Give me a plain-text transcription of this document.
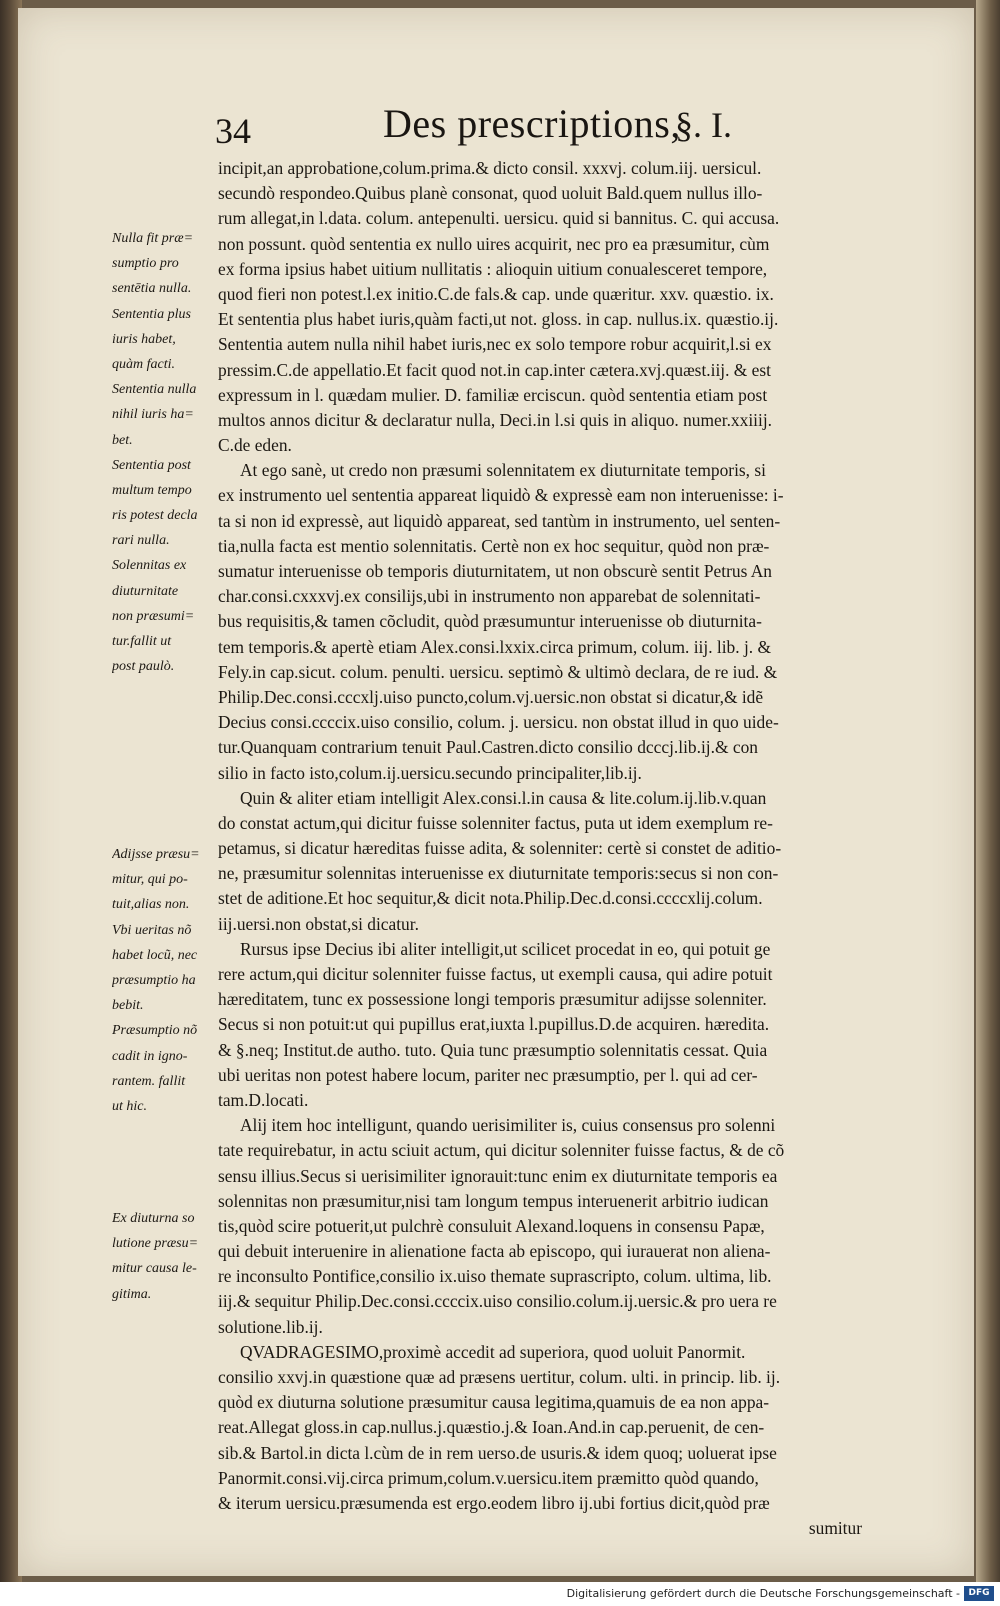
34	Des prescriptions,
§. I.
Nulla fit præ=
sumptio pro
sentētia nulla.
Sententia plus
iuris habet,
quàm facti.
Sententia nulla
nihil iuris ha=
bet.
Sententia post
multum tempo
ris potest decla
rari nulla.
Solennitas ex
diuturnitate
non præsumi=
tur.fallit ut
post paulò.
Adijsse præsu=
mitur, qui po-
tuit,alias non.
Vbi ueritas nõ
habet locũ, nec
præsumptio ha
bebit.
Præsumptio nõ
cadit in igno-
rantem. fallit
ut hic.
Ex diuturna so
lutione præsu=
mitur causa le-
gitima.
incipit,an approbatione,colum.prima.& dicto consil. xxxvj. colum.iij. uersicul.
secundò respondeo.Quibus planè consonat, quod uoluit Bald.quem nullus illo-
rum allegat,in l.data. colum. antepenulti. uersicu. quid si bannitus. C. qui accusa.
non possunt. quòd sententia ex nullo uires acquirit, nec pro ea præsumitur, cùm
ex forma ipsius habet uitium nullitatis : alioquin uitium conualesceret tempore,
quod fieri non potest.l.ex initio.C.de fals.& cap. unde quæritur. xxv. quæstio. ix.
Et sententia plus habet iuris,quàm facti,ut not. gloss. in cap. nullus.ix. quæstio.ij.
Sententia autem nulla nihil habet iuris,nec ex solo tempore robur acquirit,l.si ex
pressim.C.de appellatio.Et facit quod not.in cap.inter cætera.xvj.quæst.iij. & est
expressum in l. quædam mulier. D. familiæ erciscun. quòd sententia etiam post
multos annos dicitur & declaratur nulla, Deci.in l.si quis in aliquo. numer.xxiiij.
C.de eden.
At ego sanè, ut credo non præsumi solennitatem ex diuturnitate temporis, si
ex instrumento uel sententia appareat liquidò & expressè eam non interuenisse: i-
ta si non id expressè, aut liquidò appareat, sed tantùm in instrumento, uel senten-
tia,nulla facta est mentio solennitatis. Certè non ex hoc sequitur, quòd non præ-
sumatur interuenisse ob temporis diuturnitatem, ut non obscurè sentit Petrus An
char.consi.cxxxvj.ex consilijs,ubi in instrumento non apparebat de solennitati-
bus requisitis,& tamen cõcludit, quòd præsumuntur interuenisse ob diuturnita-
tem temporis.& apertè etiam Alex.consi.lxxix.circa primum, colum. iij. lib. j. &
Fely.in cap.sicut. colum. penulti. uersicu. septimò & ultimò declara, de re iud. &
Philip.Dec.consi.cccxlj.uiso puncto,colum.vj.uersic.non obstat si dicatur,& idẽ
Decius consi.ccccix.uiso consilio, colum. j. uersicu. non obstat illud in quo uide-
tur.Quanquam contrarium tenuit Paul.Castren.dicto consilio dcccj.lib.ij.& con
silio in facto isto,colum.ij.uersicu.secundo principaliter,lib.ij.
Quin & aliter etiam intelligit Alex.consi.l.in causa & lite.colum.ij.lib.v.quan
do constat actum,qui dicitur fuisse solenniter factus, puta ut idem exemplum re-
petamus, si dicatur hæreditas fuisse adita, & solenniter: certè si constet de aditio-
ne, præsumitur solennitas interuenisse ex diuturnitate temporis:secus si non con-
stet de aditione.Et hoc sequitur,& dicit nota.Philip.Dec.d.consi.ccccxlij.colum.
iij.uersi.non obstat,si dicatur.
Rursus ipse Decius ibi aliter intelligit,ut scilicet procedat in eo, qui potuit ge
rere actum,qui dicitur solenniter fuisse factus, ut exempli causa, qui adire potuit
hæreditatem, tunc ex possessione longi temporis præsumitur adijsse solenniter.
Secus si non potuit:ut qui pupillus erat,iuxta l.pupillus.D.de acquiren. hæredita.
& §.neq; Institut.de autho. tuto. Quia tunc præsumptio solennitatis cessat. Quia
ubi ueritas non potest habere locum, pariter nec præsumptio, per l. qui ad cer-
tam.D.locati.
Alij item hoc intelligunt, quando uerisimiliter is, cuius consensus pro solenni
tate requirebatur, in actu sciuit actum, qui dicitur solenniter fuisse factus, & de cõ
sensu illius.Secus si uerisimiliter ignorauit:tunc enim ex diuturnitate temporis ea
solennitas non præsumitur,nisi tam longum tempus interuenerit arbitrio iudican
tis,quòd scire potuerit,ut pulchrè consuluit Alexand.loquens in consensu Papæ,
qui debuit interuenire in alienatione facta ab episcopo, qui iurauerat non aliena-
re inconsulto Pontifice,consilio ix.uiso themate suprascripto, colum. ultima, lib.
iij.& sequitur Philip.Dec.consi.ccccix.uiso consilio.colum.ij.uersic.& pro uera re
solutione.lib.ij.
QVADRAGESIMO,proximè accedit ad superiora, quod uoluit Panormit.
consilio xxvj.in quæstione quæ ad præsens uertitur, colum. ulti. in princip. lib. ij.
quòd ex diuturna solutione præsumitur causa legitima,quamuis de ea non appa-
reat.Allegat gloss.in cap.nullus.j.quæstio.j.& Ioan.And.in cap.peruenit, de cen-
sib.& Bartol.in dicta l.cùm de in rem uerso.de usuris.& idem quoq; uoluerat ipse
Panormit.consi.vij.circa primum,colum.v.uersicu.item præmitto quòd quando,
& iterum uersicu.præsumenda est ergo.eodem libro ij.ubi fortius dicit,quòd præ
sumitur
Digitalisierung gefördert durch die Deutsche Forschungsgemeinschaft - DFG
